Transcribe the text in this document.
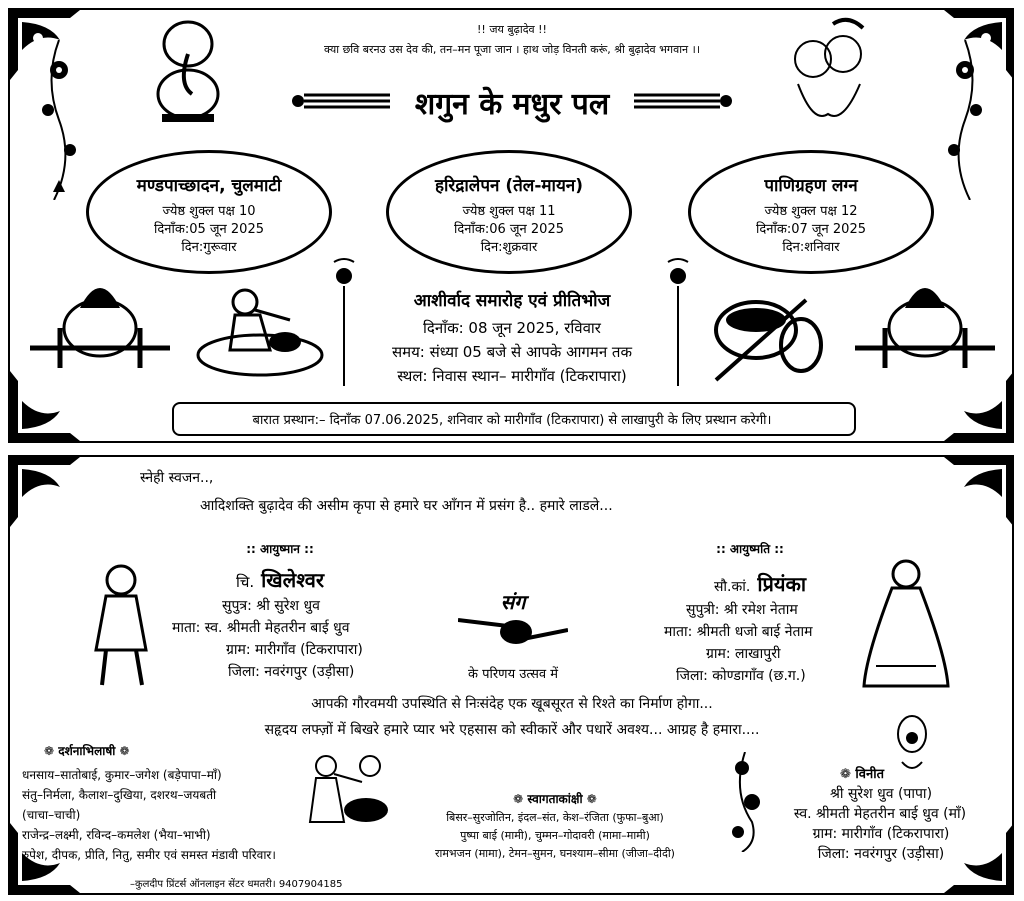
!! जय बुढ़ादेव !!
क्या छवि बरनउ उस देव की, तन–मन पूजा जान । हाथ जोड़ विनती करूं, श्री बुढ़ादेव भगवान ।।
शगुन के मधुर पल
मण्डपाच्छादन, चुलमाटी
ज्येष्ठ शुक्ल पक्ष 10
दिनाँक:05 जून 2025
दिन:गुरूवार
हरिद्रालेपन (तेल-मायन)
ज्येष्ठ शुक्ल पक्ष 11
दिनाँक:06 जून 2025
दिन:शुक्रवार
पाणिग्रहण लग्न
ज्येष्ठ शुक्ल पक्ष 12
दिनाँक:07 जून 2025
दिन:शनिवार
आशीर्वाद समारोह एवं प्रीतिभोज
दिनाँक: 08 जून 2025, रविवार
समय: संध्या 05 बजे से आपके आगमन तक
स्थल: निवास स्थान– मारीगाँव (टिकरापारा)
बारात प्रस्थान:– दिनाँक 07.06.2025, शनिवार को मारीगाँव (टिकरापारा) से लाखापुरी के लिए प्रस्थान करेगी।
स्नेही स्वजन..,
आदिशक्ति बुढ़ादेव की असीम कृपा से हमारे घर आँगन में प्रसंग है.. हमारे लाडले...
:: आयुष्मान ::
चि. खिलेश्वर
सुपुत्र: श्री सुरेश धुव
माता: स्व. श्रीमती मेहतरीन बाई धुव
ग्राम: मारीगाँव (टिकरापारा)
जिला: नवरंगपुर (उड़ीसा)
संग
के परिणय उत्सव में
:: आयुष्मति ::
सौ.कां. प्रियंका
सुपुत्री: श्री रमेश नेताम
माता: श्रीमती धजो बाई नेताम
ग्राम: लाखापुरी
जिला: कोण्डागाँव (छ.ग.)
आपकी गौरवमयी उपस्थिति से निःसंदेह एक खूबसूरत से रिश्ते का निर्माण होगा...
सहृदय लफ्ज़ों में बिखरे हमारे प्यार भरे एहसास को स्वीकारें और पधारें अवश्य... आग्रह है हमारा....
❁ दर्शनाभिलाषी ❁
धनसाय–सातोबाई, कुमार–जगेश (बड़ेपापा–माँ)
संतु–निर्मला, कैलाश–दुखिया, दशरथ–जयबती
(चाचा–चाची)
राजेन्द्र–लक्ष्मी, रविन्द–कमलेश (भैया–भाभी)
रुपेश, दीपक, प्रीति, नितु, समीर एवं समस्त मंडावी परिवार।
❁ स्वागताकांक्षी ❁
बिसर–सुरजोतिन, इंदल–संत, केश–रंजिता (फुफा–बुआ)
पुष्पा बाई (मामी), चुम्मन–गोदावरी (मामा–मामी)
रामभजन (मामा), टेमन–सुमन, घनश्याम–सीमा (जीजा–दीदी)
❁ विनीत
श्री सुरेश धुव (पापा)
स्व. श्रीमती मेहतरीन बाई धुव (माँ)
ग्राम: मारीगाँव (टिकरापारा)
जिला: नवरंगपुर (उड़ीसा)
–कुलदीप प्रिंटर्स ऑनलाइन सेंटर धमतरी। 9407904185
